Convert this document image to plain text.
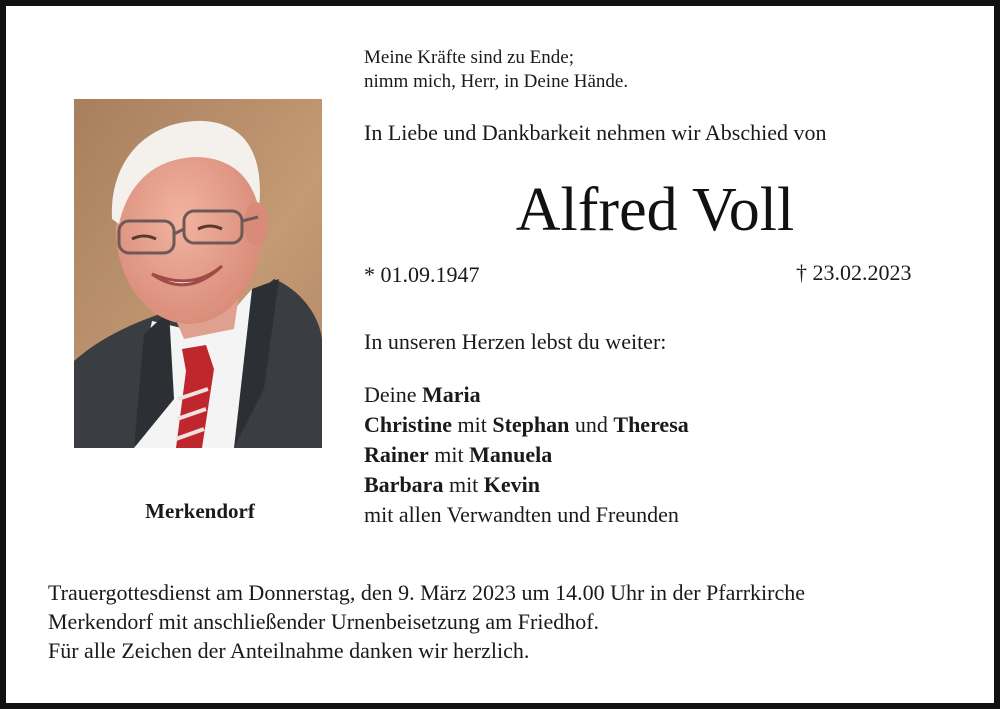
Meine Kräfte sind zu Ende;
nimm mich, Herr, in Deine Hände.
In Liebe und Dankbarkeit nehmen wir Abschied von
Alfred Voll
* 01.09.1947	† 23.02.2023
Merkendorf
In unseren Herzen lebst du weiter:
Deine Maria
Christine mit Stephan und Theresa
Rainer mit Manuela
Barbara mit Kevin
mit allen Verwandten und Freunden
Trauergottesdienst am Donnerstag, den 9. März 2023 um 14.00 Uhr in der Pfarrkirche
Merkendorf mit anschließender Urnenbeisetzung am Friedhof.
Für alle Zeichen der Anteilnahme danken wir herzlich.
